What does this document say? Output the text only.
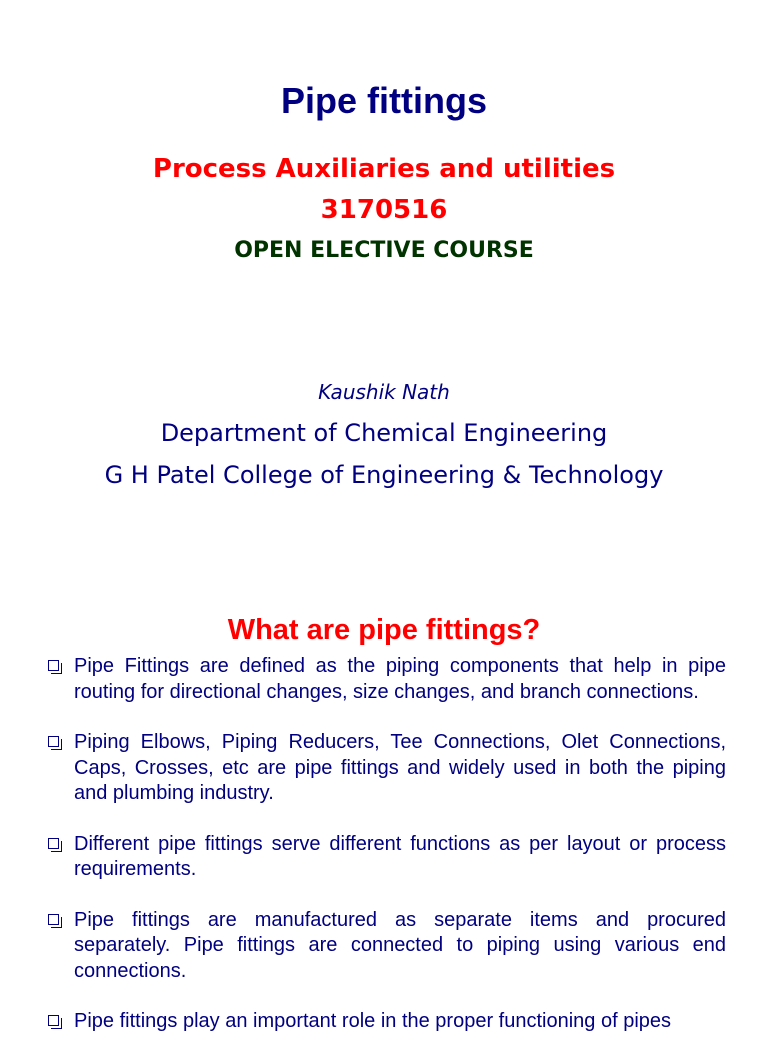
Pipe fittings
Process Auxiliaries and utilities
3170516
OPEN ELECTIVE COURSE
Kaushik Nath
Department of Chemical Engineering
G H Patel College of Engineering & Technology
What are pipe fittings?
Pipe Fittings are defined as the piping components that help in pipe routing for directional changes, size changes, and branch connections.
Piping Elbows, Piping Reducers, Tee Connections, Olet Connections, Caps, Crosses, etc are pipe fittings and widely used in both the piping and plumbing industry.
Different pipe fittings serve different functions as per layout or process requirements.
Pipe fittings are manufactured as separate items and procured separately. Pipe fittings are connected to piping using various end connections.
Pipe fittings play an important role in the proper functioning of pipes
